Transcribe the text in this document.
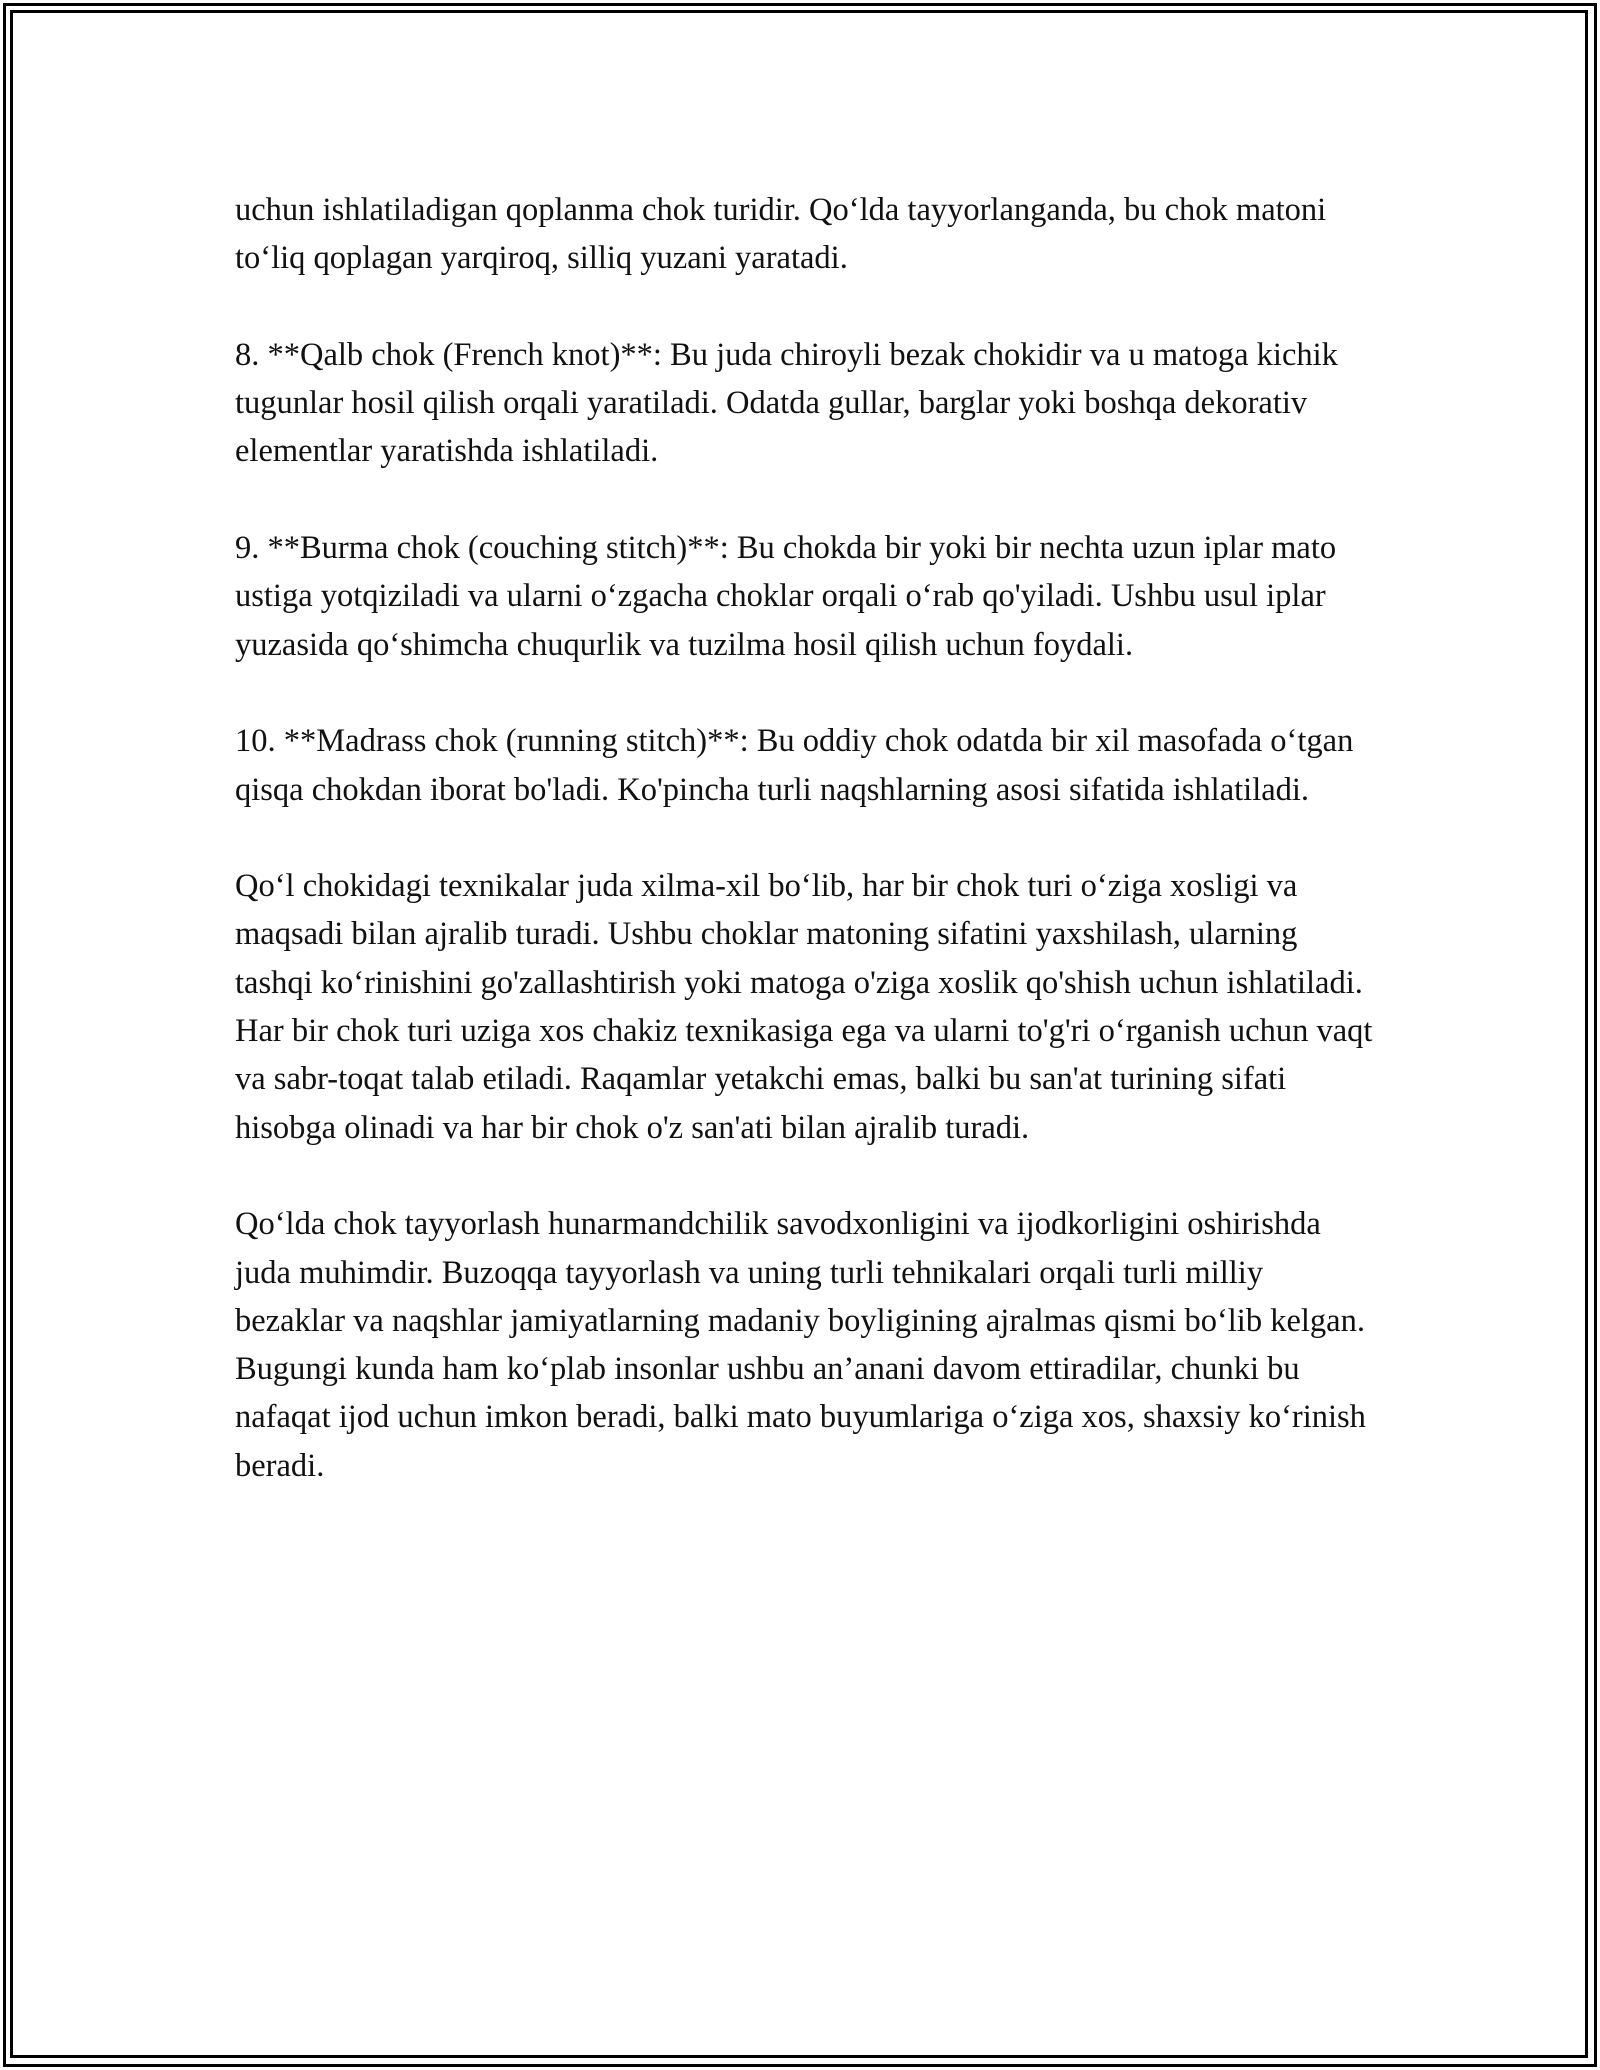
uchun ishlatiladigan qoplanma chok turidir. Qo‘lda tayyorlanganda, bu chok matoni to‘liq qoplagan yarqiroq, silliq yuzani yaratadi.

8. **Qalb chok (French knot)**: Bu juda chiroyli bezak chokidir va u matoga kichik tugunlar hosil qilish orqali yaratiladi. Odatda gullar, barglar yoki boshqa dekorativ elementlar yaratishda ishlatiladi.

9. **Burma chok (couching stitch)**: Bu chokda bir yoki bir nechta uzun iplar mato ustiga yotqiziladi va ularni o‘zgacha choklar orqali o‘rab qo'yiladi. Ushbu usul iplar yuzasida qo‘shimcha chuqurlik va tuzilma hosil qilish uchun foydali.

10. **Madrass chok (running stitch)**: Bu oddiy chok odatda bir xil masofada o‘tgan qisqa chokdan iborat bo'ladi. Ko'pincha turli naqshlarning asosi sifatida ishlatiladi.

Qo‘l chokidagi texnikalar juda xilma-xil bo‘lib, har bir chok turi o‘ziga xosligi va maqsadi bilan ajralib turadi. Ushbu choklar matoning sifatini yaxshilash, ularning tashqi ko‘rinishini go'zallashtirish yoki matoga o'ziga xoslik qo'shish uchun ishlatiladi. Har bir chok turi uziga xos chakiz texnikasiga ega va ularni to'g'ri o‘rganish uchun vaqt va sabr-toqat talab etiladi. Raqamlar yetakchi emas, balki bu san'at turining sifati hisobga olinadi va har bir chok o'z san'ati bilan ajralib turadi.

Qo‘lda chok tayyorlash hunarmandchilik savodxonligini va ijodkorligini oshirishda juda muhimdir. Buzoqqa tayyorlash va uning turli tehnikalari orqali turli milliy bezaklar va naqshlar jamiyatlarning madaniy boyligining ajralmas qismi bo‘lib kelgan. Bugungi kunda ham ko‘plab insonlar ushbu an’anani davom ettiradilar, chunki bu nafaqat ijod uchun imkon beradi, balki mato buyumlariga o‘ziga xos, shaxsiy ko‘rinish beradi.
